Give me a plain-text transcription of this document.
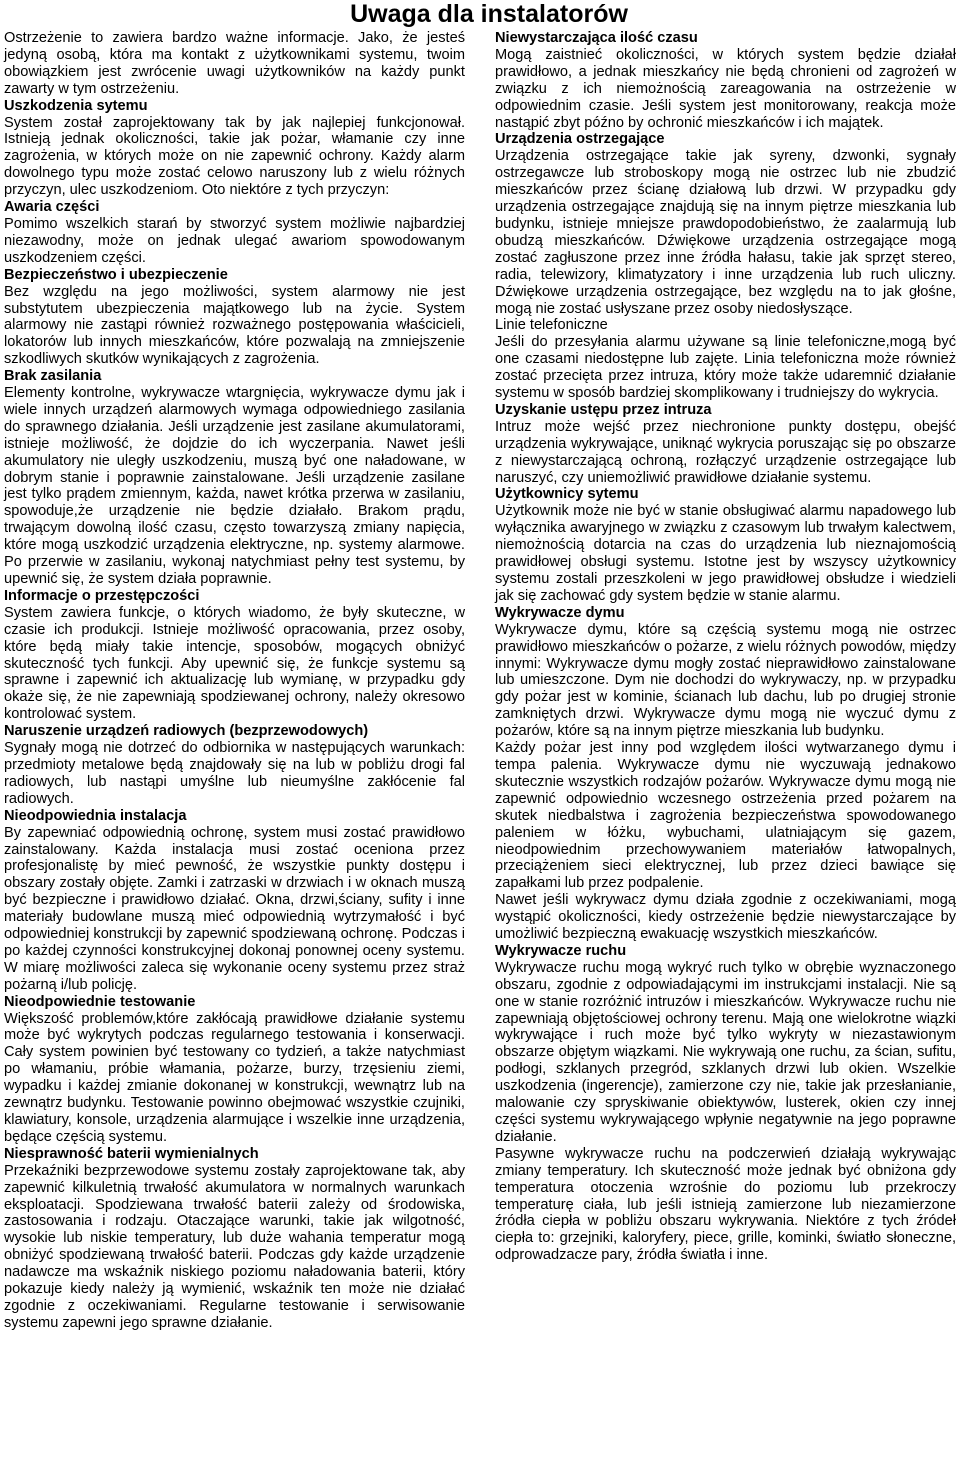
Uwaga dla instalatorów

Ostrzeżenie to zawiera bardzo ważne informacje. Jako, że jesteś jedyną osobą, która ma kontakt z użytkownikami systemu, twoim obowiązkiem jest zwrócenie uwagi użytkowników na każdy punkt zawarty w tym ostrzeżeniu.

Uszkodzenia sytemu

System został zaprojektowany tak by jak najlepiej funkcjonował. Istnieją jednak okoliczności, takie jak pożar, włamanie czy inne zagrożenia, w których może on nie zapewnić ochrony. Każdy alarm dowolnego typu może zostać celowo naruszony lub z wielu różnych przyczyn, ulec uszkodzeniom. Oto niektóre z tych przyczyn:

Awaria części

Pomimo wszelkich starań by stworzyć system możliwie najbardziej niezawodny, może on jednak ulegać awariom spowodowanym uszkodzeniem części.

Bezpieczeństwo i ubezpieczenie

Bez względu na jego możliwości, system alarmowy nie jest substytutem ubezpieczenia majątkowego lub na życie. System alarmowy nie zastąpi również rozważnego postępowania właścicieli, lokatorów lub innych mieszkańców, które pozwalają na zmniejszenie szkodliwych skutków wynikających z zagrożenia.

Brak zasilania

Elementy kontrolne, wykrywacze wtargnięcia, wykrywacze dymu jak i wiele innych urządzeń alarmowych wymaga odpowiedniego zasilania do sprawnego działania. Jeśli urządzenie jest zasilane akumulatorami, istnieje możliwość, że dojdzie do ich wyczerpania. Nawet jeśli akumulatory nie uległy uszkodzeniu, muszą być one naładowane, w dobrym stanie i poprawnie zainstalowane. Jeśli urządzenie zasilane jest tylko prądem zmiennym, każda, nawet krótka przerwa w zasilaniu, spowoduje,że urządzenie nie będzie działało. Brakom prądu, trwającym dowolną ilość czasu, często towarzyszą zmiany napięcia, które mogą uszkodzić urządzenia elektryczne, np. systemy alarmowe. Po przerwie w zasilaniu, wykonaj natychmiast pełny test systemu, by upewnić się, że system działa poprawnie.

Informacje o przestępczości

System zawiera funkcje, o których wiadomo, że były skuteczne, w czasie ich produkcji. Istnieje możliwość opracowania, przez osoby, które będą miały takie intencje, sposobów, mogących obniżyć skuteczność tych funkcji. Aby upewnić się, że funkcje systemu są sprawne i zapewnić ich aktualizację lub wymianę, w przypadku gdy okaże się, że nie zapewniają spodziewanej ochrony, należy okresowo kontrolować system.

Naruszenie urządzeń radiowych (bezprzewodowych)

Sygnały mogą nie dotrzeć do odbiornika w następujących warunkach: przedmioty metalowe będą znajdowały się na lub w pobliżu drogi fal radiowych, lub nastąpi umyślne lub nieumyślne zakłócenie fal radiowych.

Nieodpowiednia instalacja

By zapewniać odpowiednią ochronę, system musi zostać prawidłowo zainstalowany. Każda instalacja musi zostać oceniona przez profesjonalistę by mieć pewność, że wszystkie punkty dostępu i obszary zostały objęte. Zamki i zatrzaski w drzwiach i w oknach muszą być bezpieczne i prawidłowo działać. Okna, drzwi,ściany, sufity i inne materiały budowlane muszą mieć odpowiednią wytrzymałość i być odpowiedniej konstrukcji by zapewnić spodziewaną ochronę. Podczas i po każdej czynności konstrukcyjnej dokonaj ponownej oceny systemu. W miarę możliwości zaleca się wykonanie oceny systemu przez straż pożarną i/lub policję.

Nieodpowiednie testowanie

Większość problemów,które zakłócają prawidłowe działanie systemu może być wykrytych podczas regularnego testowania i konserwacji. Cały system powinien być testowany co tydzień, a także natychmiast po włamaniu, próbie włamania, pożarze, burzy, trzęsieniu ziemi, wypadku i każdej zmianie dokonanej w konstrukcji, wewnątrz lub na zewnątrz budynku. Testowanie powinno obejmować wszystkie czujniki, klawiatury, konsole, urządzenia alarmujące i wszelkie inne urządzenia, będące częścią systemu.

Niesprawność baterii wymienialnych

Przekaźniki bezprzewodowe systemu zostały zaprojektowane tak, aby zapewnić kilkuletnią trwałość akumulatora w normalnych warunkach eksploatacji. Spodziewana trwałość baterii zależy od środowiska, zastosowania i rodzaju. Otaczające warunki, takie jak wilgotność, wysokie lub niskie temperatury, lub duże wahania temperatur mogą obniżyć spodziewaną trwałość baterii. Podczas gdy każde urządzenie nadawcze ma wskaźnik niskiego poziomu naładowania baterii, który pokazuje kiedy należy ją wymienić, wskaźnik ten może nie działać zgodnie z oczekiwaniami. Regularne testowanie i serwisowanie systemu zapewni jego sprawne działanie.

Niewystarczająca ilość czasu

Mogą zaistnieć okoliczności, w których system będzie działał prawidłowo, a jednak mieszkańcy nie będą chronieni od zagrożeń w związku z ich niemożnością zareagowania na ostrzeżenie w odpowiednim czasie. Jeśli system jest monitorowany, reakcja może nastąpić zbyt późno by ochronić mieszkańców i ich majątek.

Urządzenia ostrzegające

Urządzenia ostrzegające takie jak syreny, dzwonki, sygnały ostrzegawcze lub stroboskopy mogą nie ostrzec lub nie zbudzić mieszkańców przez ścianę działową lub drzwi. W przypadku gdy urządzenia ostrzegające znajdują się na innym piętrze mieszkania lub budynku, istnieje mniejsze prawdopodobieństwo, że zaalarmują lub obudzą mieszkańców. Dźwiękowe urządzenia ostrzegające mogą zostać zagłuszone przez inne źródła hałasu, takie jak sprzęt stereo, radia, telewizory, klimatyzatory i inne urządzenia lub ruch uliczny. Dźwiękowe urządzenia ostrzegające, bez względu na to jak głośne, mogą nie zostać usłyszane przez osoby niedosłyszące.

Linie telefoniczne

Jeśli do przesyłania alarmu używane są linie telefoniczne,mogą być one czasami niedostępne lub zajęte. Linia telefoniczna może również zostać przecięta przez intruza, który może także udaremnić działanie systemu w sposób bardziej skomplikowany i trudniejszy do wykrycia.

Uzyskanie ustępu przez intruza

Intruz może wejść przez niechronione punkty dostępu, obejść urządzenia wykrywające, uniknąć wykrycia poruszając się po obszarze z niewystarczającą ochroną, rozłączyć urządzenie ostrzegające lub naruszyć, czy uniemożliwić prawidłowe działanie systemu.

Użytkownicy sytemu

Użytkownik może nie być w stanie obsługiwać alarmu napadowego lub wyłącznika awaryjnego w związku z czasowym lub trwałym kalectwem, niemożnością dotarcia na czas do urządzenia lub nieznajomością prawidłowej obsługi systemu. Istotne jest by wszyscy użytkownicy systemu zostali przeszkoleni w jego prawidłowej obsłudze i wiedzieli jak się zachować gdy system będzie w stanie alarmu.

Wykrywacze dymu

Wykrywacze dymu, które są częścią systemu mogą nie ostrzec prawidłowo mieszkańców o pożarze, z wielu różnych powodów, między innymi: Wykrywacze dymu mogły zostać nieprawidłowo zainstalowane lub umieszczone. Dym nie dochodzi do wykrywaczy, np. w przypadku gdy pożar jest w kominie, ścianach lub dachu, lub po drugiej stronie zamkniętych drzwi. Wykrywacze dymu mogą nie wyczuć dymu z pożarów, które są na innym piętrze mieszkania lub budynku.

Każdy pożar jest inny pod względem ilości wytwarzanego dymu i tempa palenia. Wykrywacze dymu nie wyczuwają jednakowo skutecznie wszystkich rodzajów pożarów. Wykrywacze dymu mogą nie zapewnić odpowiednio wczesnego ostrzeżenia przed pożarem na skutek niedbalstwa i zagrożenia bezpieczeństwa spowodowanego paleniem w łóżku, wybuchami, ulatniającym się gazem, nieodpowiednim przechowywaniem materiałów łatwopalnych, przeciążeniem sieci elektrycznej, lub przez dzieci bawiące się zapałkami lub przez podpalenie.

Nawet jeśli wykrywacz dymu działa zgodnie z oczekiwaniami, mogą wystąpić okoliczności, kiedy ostrzeżenie będzie niewystarczające by umożliwić bezpieczną ewakuację wszystkich mieszkańców.

Wykrywacze ruchu

Wykrywacze ruchu mogą wykryć ruch tylko w obrębie wyznaczonego obszaru, zgodnie z odpowiadającymi im instrukcjami instalacji. Nie są one w stanie rozróżnić intruzów i mieszkańców. Wykrywacze ruchu nie zapewniają objętościowej ochrony terenu. Mają one wielokrotne wiązki wykrywające i ruch może być tylko wykryty w niezastawionym obszarze objętym wiązkami. Nie wykrywają one ruchu, za ścian, sufitu, podłogi, szklanych przegród, szklanych drzwi lub okien. Wszelkie uszkodzenia (ingerencje), zamierzone czy nie, takie jak przesłanianie, malowanie czy spryskiwanie obiektywów, lusterek, okien czy innej części systemu wykrywającego wpłynie negatywnie na jego poprawne działanie.

Pasywne wykrywacze ruchu na podczerwień działają wykrywając zmiany temperatury. Ich skuteczność może jednak być obniżona gdy temperatura otoczenia wzrośnie do poziomu lub przekroczy temperaturę ciała, lub jeśli istnieją zamierzone lub niezamierzone źródła ciepła w pobliżu obszaru wykrywania. Niektóre z tych źródeł ciepła to: grzejniki, kaloryfery, piece, grille, kominki, światło słoneczne, odprowadzacze pary, źródła światła i inne.
